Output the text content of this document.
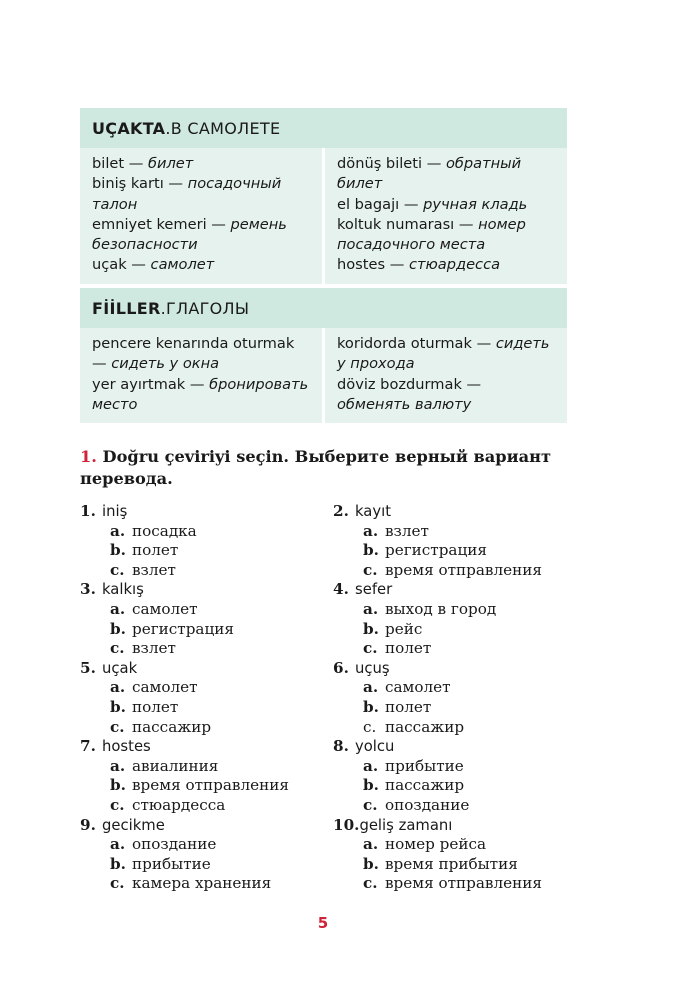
UÇAKTA . В САМОЛЕТЕ
bilet — билет
biniş kartı — посадочный талон
emniyet kemeri — ремень безопасности
uçak — самолет
dönüş bileti — обратный билет
el bagajı — ручная кладь
koltuk numarası — номер посадочного места
hostes — стюардесса
FİİLLER . ГЛАГОЛЫ
pencere kenarında oturmak — сидеть у окна
yer ayırtmak — бронировать место
koridorda oturmak — сидеть у прохода
döviz bozdurmak — обменять валюту
1. Doğru çeviriyi seçin. Выберите верный вариант перевода.
1. iniş
a. посадка
b. полет
c. взлет
3. kalkış
a. самолет
b. регистрация
c. взлет
5. uçak
a. самолет
b. полет
c. пассажир
7. hostes
a. авиалиния
b. время отправления
c. стюардесса
9. gecikme
a. опоздание
b. прибытие
c. камера хранения
2. kayıt
a. взлет
b. регистрация
c. время отправления
4. sefer
a. выход в город
b. рейс
c. полет
6. uçuş
a. самолет
b. полет
с. пассажир
8. yolcu
a. прибытие
b. пассажир
c. опоздание
10.geliş zamanı
a. номер рейса
b. время прибытия
c. время отправления
5
